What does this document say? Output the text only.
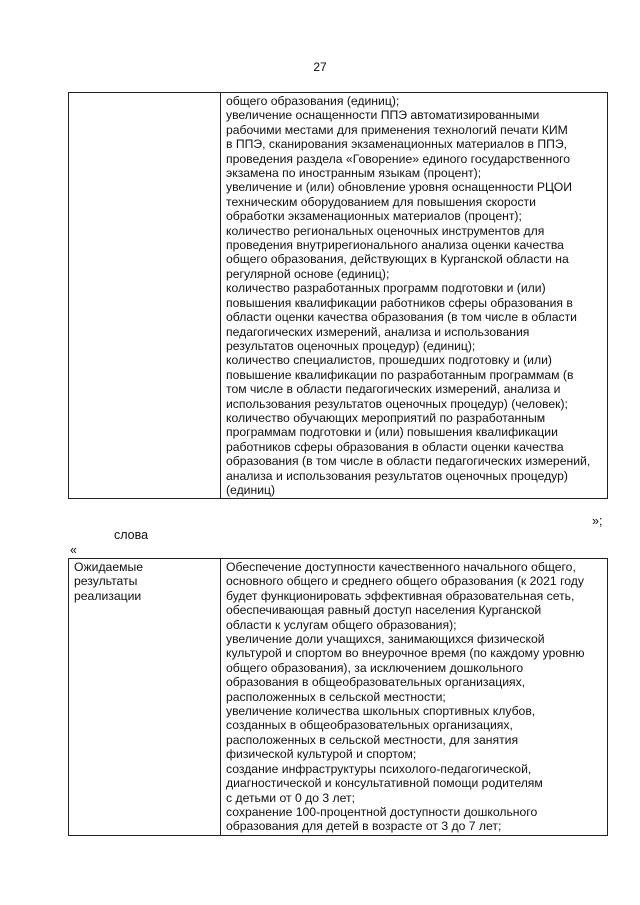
27

общего образования (единиц);
увеличение оснащенности ППЭ автоматизированными
рабочими местами для применения технологий печати КИМ
в ППЭ, сканирования экзаменационных материалов в ППЭ,
проведения раздела «Говорение» единого государственного
экзамена по иностранным языкам (процент);
увеличение и (или) обновление уровня оснащенности РЦОИ
техническим оборудованием для повышения скорости
обработки экзаменационных материалов (процент);
количество региональных оценочных инструментов для
проведения внутрирегионального анализа оценки качества
общего образования, действующих в Курганской области на
регулярной основе (единиц);
количество разработанных программ подготовки и (или)
повышения квалификации работников сферы образования в
области оценки качества образования (в том числе в области
педагогических измерений, анализа и использования
результатов оценочных процедур) (единиц);
количество специалистов, прошедших подготовку и (или)
повышение квалификации по разработанным программам (в
том числе в области педагогических измерений, анализа и
использования результатов оценочных процедур) (человек);
количество обучающих мероприятий по разработанным
программам подготовки и (или) повышения квалификации
работников сферы образования в области оценки качества
образования (в том числе в области педагогических измерений,
анализа и использования результатов оценочных процедур)
(единиц)
»;
слова
«
Ожидаемые
результаты
реализации

Обеспечение доступности качественного начального общего,
основного общего и среднего общего образования (к 2021 году
будет функционировать эффективная образовательная сеть,
обеспечивающая равный доступ населения Курганской
области к услугам общего образования);
увеличение доли учащихся, занимающихся физической
культурой и спортом во внеурочное время (по каждому уровню
общего образования), за исключением дошкольного
образования в общеобразовательных организациях,
расположенных в сельской местности;
увеличение количества школьных спортивных клубов,
созданных в общеобразовательных организациях,
расположенных в сельской местности, для занятия
физической культурой и спортом;
создание инфраструктуры психолого-педагогической,
диагностической и консультативной помощи родителям
с детьми от 0 до 3 лет;
сохранение 100-процентной доступности дошкольного
образования для детей в возрасте от 3 до 7 лет;
